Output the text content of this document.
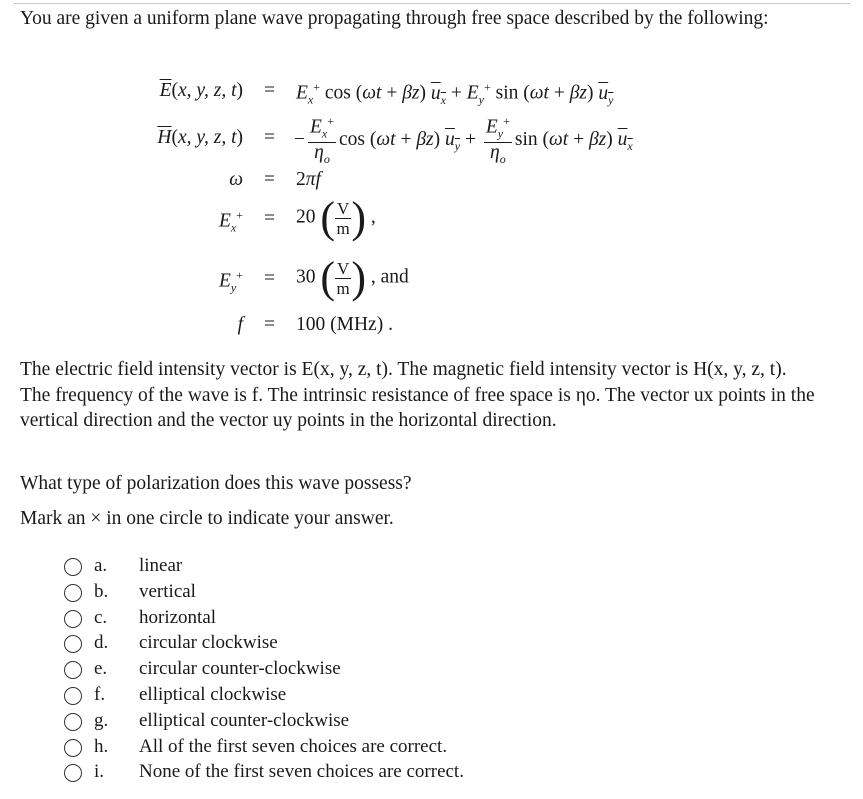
You are given a uniform plane wave propagating through free space described by the following:
$\overline{E}(x$, y, z, $t) = E_x^+$ cos (ωt + βz) $u_x + E_y^+$ sin (ωt + βz) $u_y$
$\overline{H}(x$, y, z, t) = − $\frac{E_x^+}{\eta_o}$ cos (ωt + βz) $u_y + \frac{E_y^+}{\eta_o}$ sin (ωt + βz) $u_x$
ω = 2πf
$E_x^+ = 20$ ( $\frac{V}{m}$ ) ,
$E_y^+ = 30$ ( $\frac{V}{m}$ ) , and
f = 100 (MHz) .
The electric field intensity vector is E(x, y, z, t). The magnetic field intensity vector is H(x, y, z, t). The frequency of the wave is f. The intrinsic resistance of free space is ηo. The vector ux points in the vertical direction and the vector uy points in the horizontal direction.
What type of polarization does this wave possess?
Mark an × in one circle to indicate your answer.
a. linear
b. vertical
c. horizontal
d. circular clockwise
e. circular counter-clockwise
f. elliptical clockwise
g. elliptical counter-clockwise
h. All of the first seven choices are correct.
i. None of the first seven choices are correct.
